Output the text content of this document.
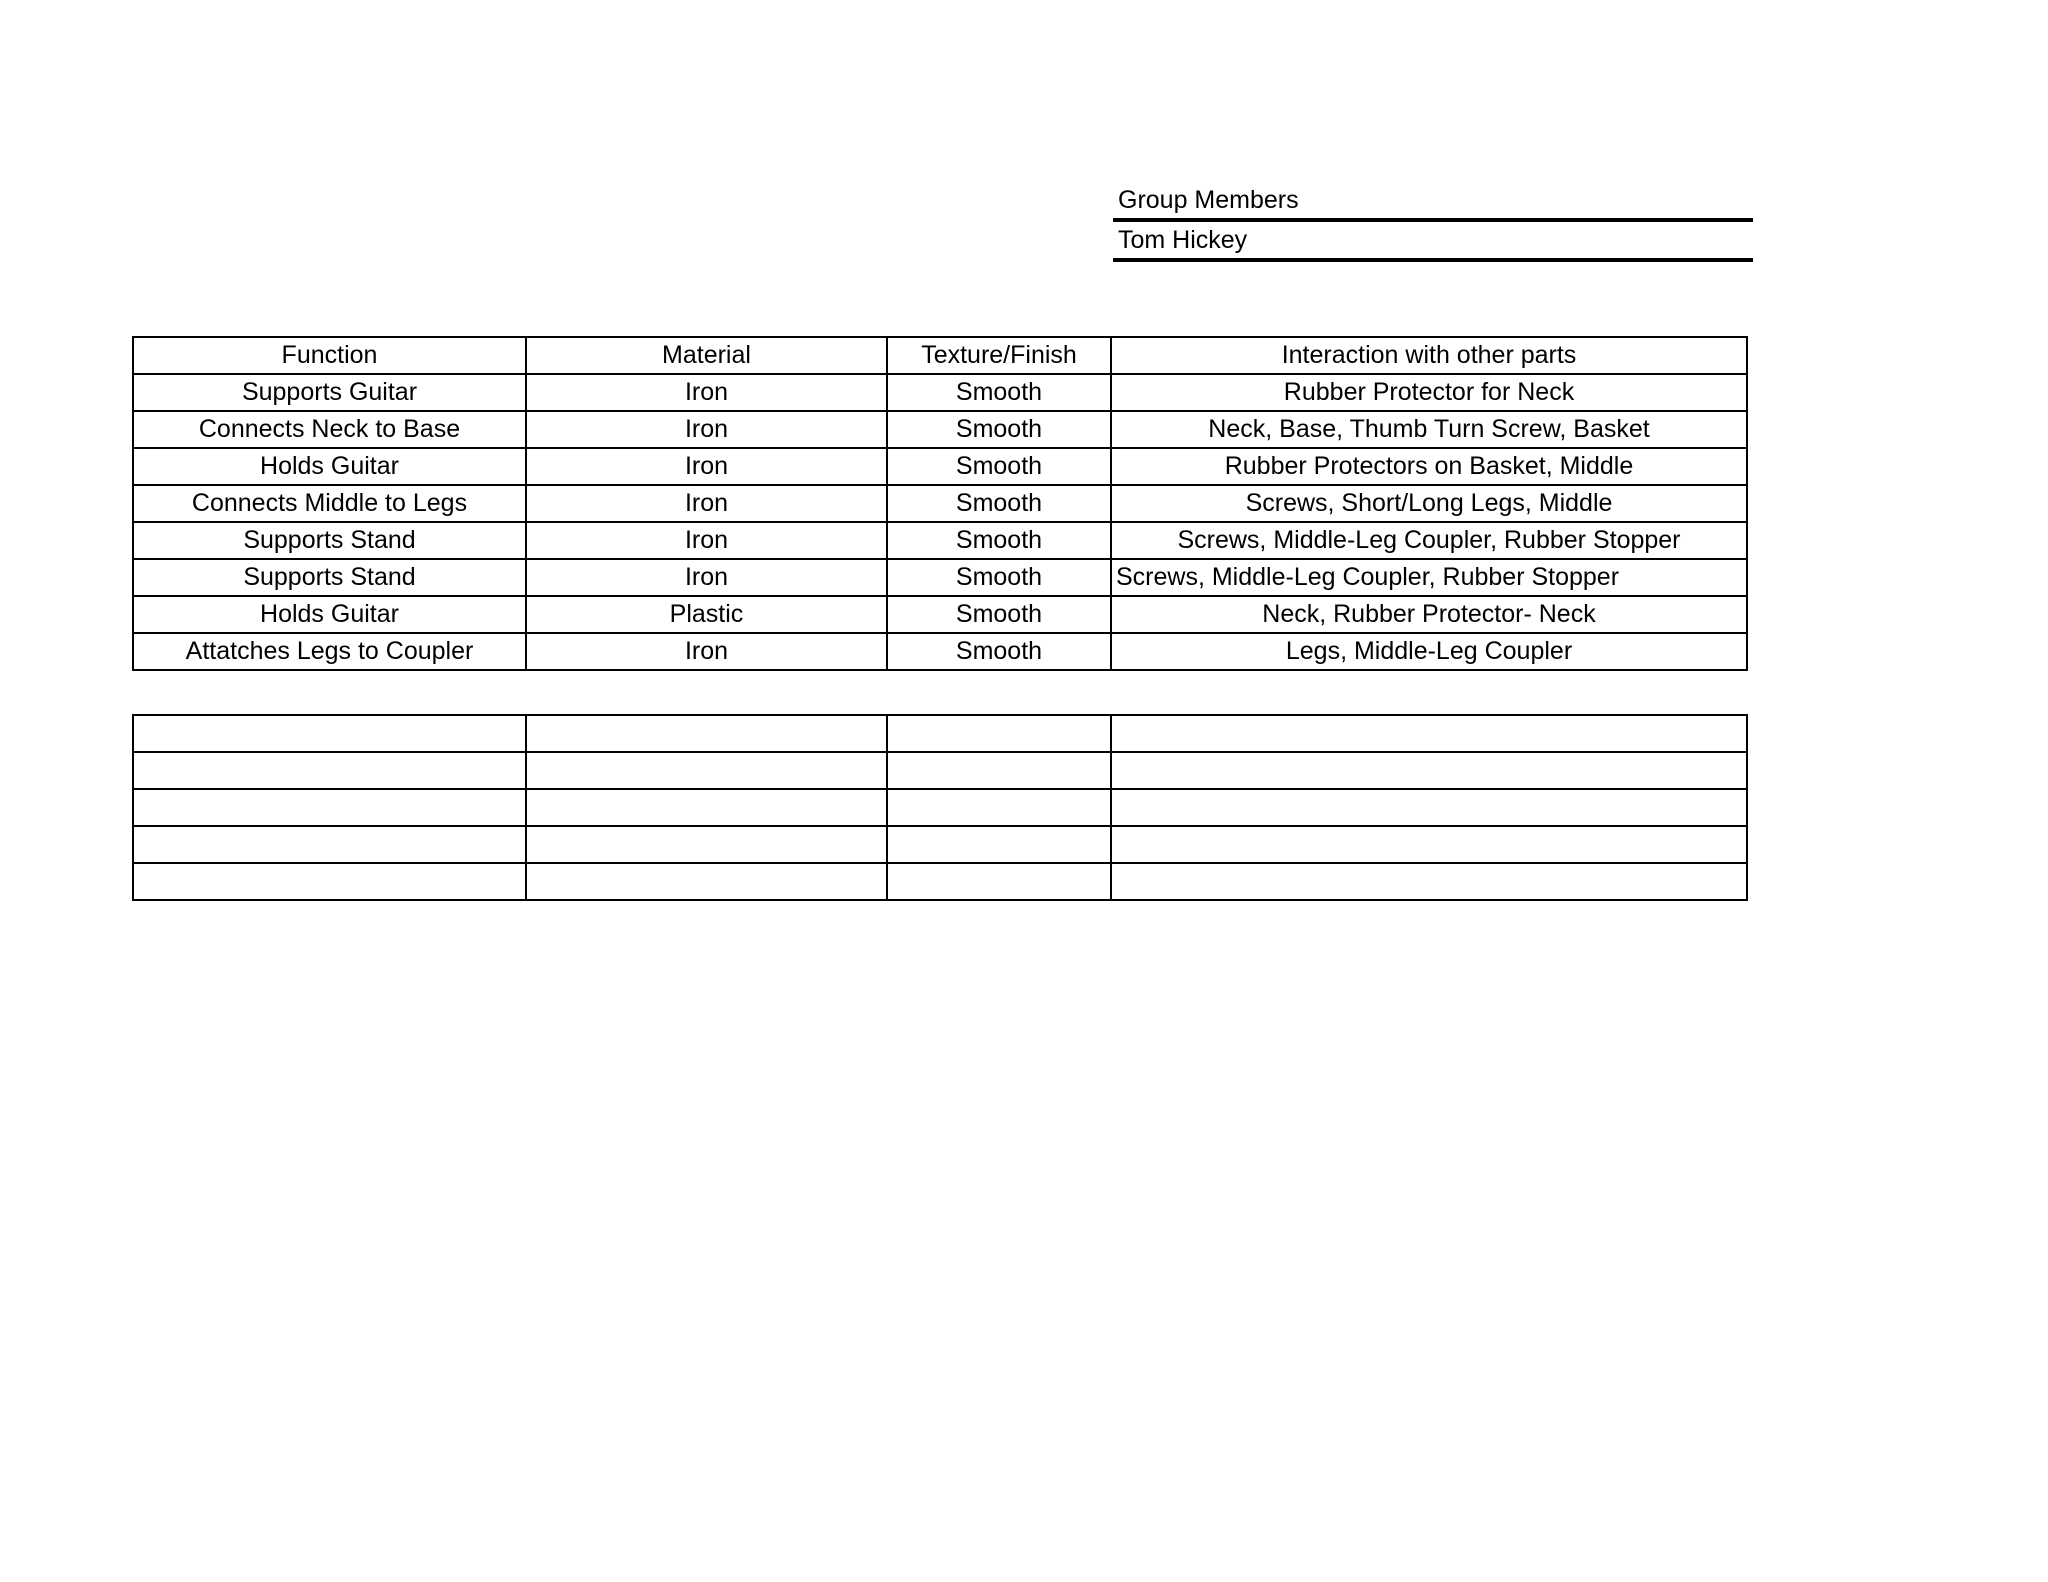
Group Members
Tom Hickey
Function	Material	Texture/Finish	Interaction with other parts
Supports Guitar	Iron	Smooth	Rubber Protector for Neck
Connects Neck to Base	Iron	Smooth	Neck, Base, Thumb Turn Screw, Basket
Holds Guitar	Iron	Smooth	Rubber Protectors on Basket, Middle
Connects Middle to Legs	Iron	Smooth	Screws, Short/Long Legs, Middle
Supports Stand	Iron	Smooth	Screws, Middle-Leg Coupler, Rubber Stopper
Supports Stand	Iron	Smooth	Screws, Middle-Leg Coupler, Rubber Stopper
Holds Guitar	Plastic	Smooth	Neck, Rubber Protector- Neck
Attatches Legs to Coupler	Iron	Smooth	Legs, Middle-Leg Coupler
